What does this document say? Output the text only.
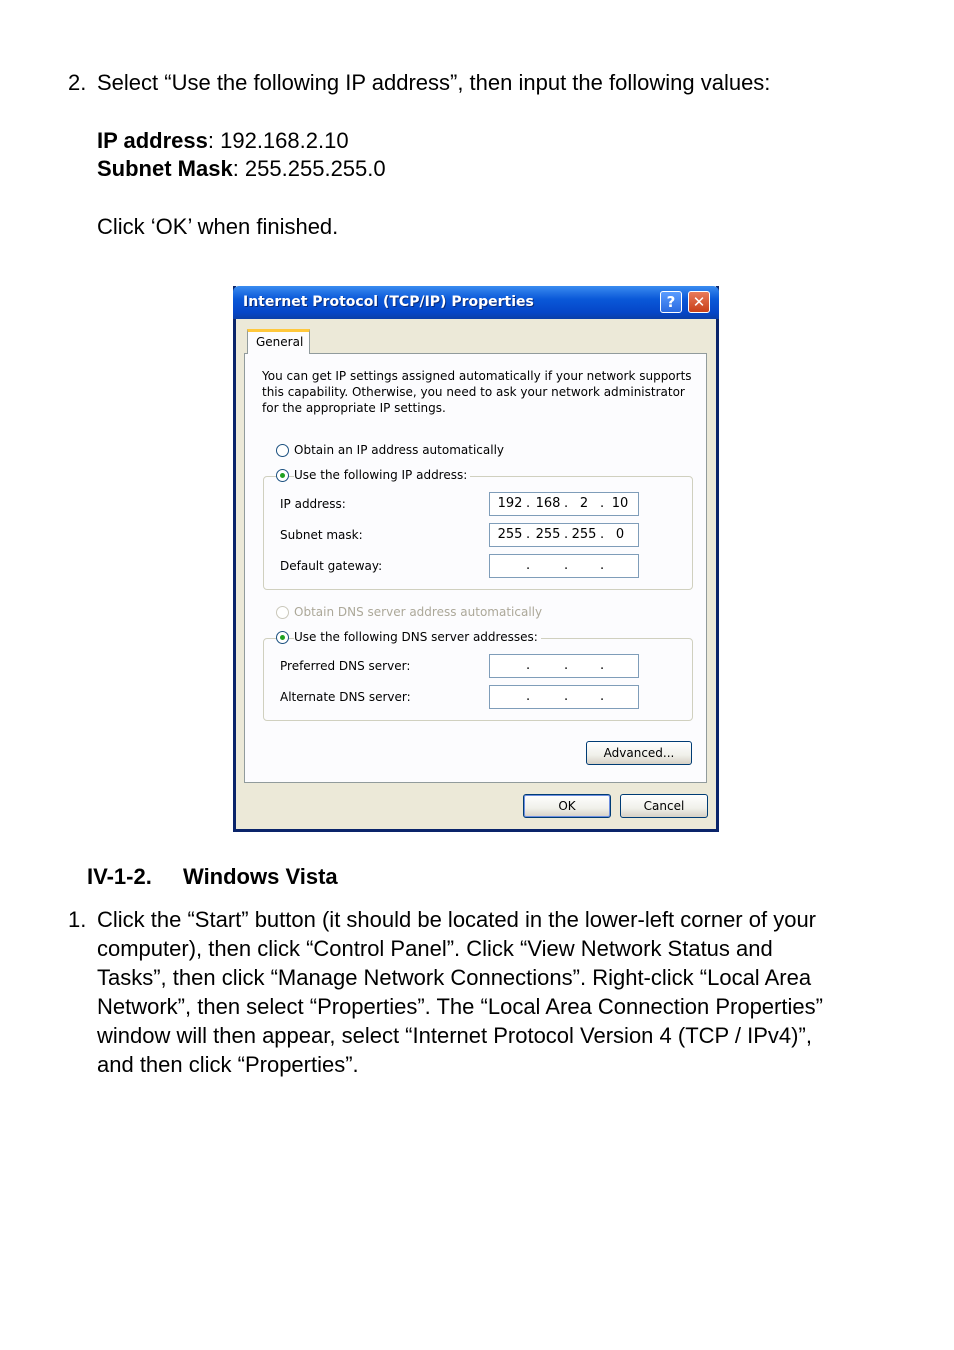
2. Select “Use the following IP address”, then input the following values:
IP address: 192.168.2.10
Subnet Mask: 255.255.255.0
Click ‘OK’ when finished.
Internet Protocol (TCP/IP) Properties	?	✕
General
You can get IP settings assigned automatically if your network supports this capability. Otherwise, you need to ask your network administrator for the appropriate IP settings.
Obtain an IP address automatically
Use the following IP address:
IP address:	192 . 168 . 2 . 10
Subnet mask:	255 . 255 . 255 . 0
Default gateway:	.	. .
Obtain DNS server address automatically
Use the following DNS server addresses:
Preferred DNS server:	.	. .
Alternate DNS server:	.	. .
Advanced...
OK	Cancel
IV-1-2. Windows Vista
1. Click the “Start” button (it should be located in the lower-left corner of your
computer), then click “Control Panel”. Click “View Network Status and
Tasks”, then click “Manage Network Connections”. Right-click “Local Area
Network”, then select “Properties”. The “Local Area Connection Properties”
window will then appear, select “Internet Protocol Version 4 (TCP / IPv4)”,
and then click “Properties”.
